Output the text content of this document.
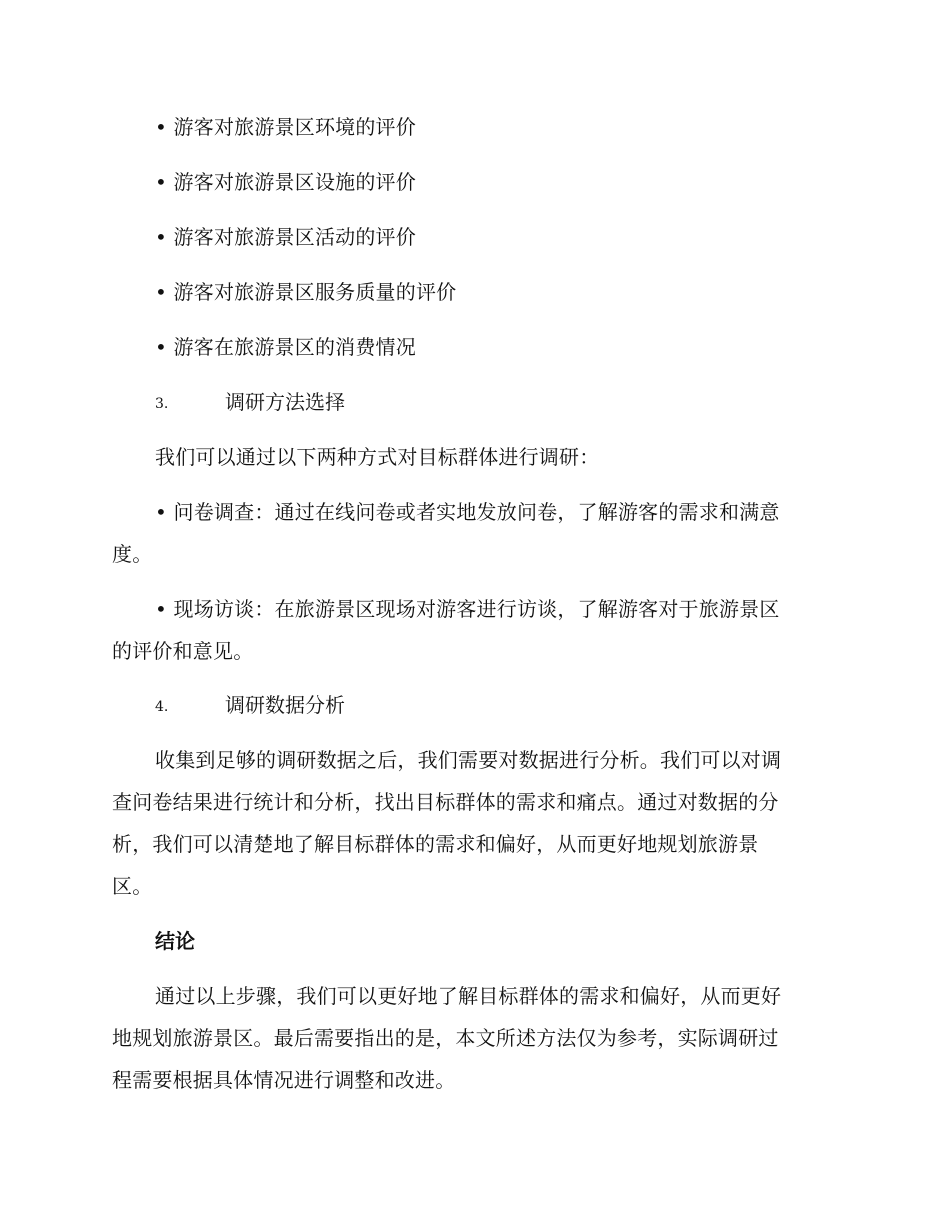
• 游客对旅游景区环境的评价
• 游客对旅游景区设施的评价
• 游客对旅游景区活动的评价
• 游客对旅游景区服务质量的评价
• 游客在旅游景区的消费情况
3.	调研方法选择
我们可以通过以下两种方式对目标群体进行调研：
• 问卷调查：通过在线问卷或者实地发放问卷，了解游客的需求和满意
度。
• 现场访谈：在旅游景区现场对游客进行访谈，了解游客对于旅游景区
的评价和意见。
4.	调研数据分析
收集到足够的调研数据之后，我们需要对数据进行分析。我们可以对调
查问卷结果进行统计和分析，找出目标群体的需求和痛点。通过对数据的分
析，我们可以清楚地了解目标群体的需求和偏好，从而更好地规划旅游景
区。
结论
通过以上步骤，我们可以更好地了解目标群体的需求和偏好，从而更好
地规划旅游景区。最后需要指出的是，本文所述方法仅为参考，实际调研过
程需要根据具体情况进行调整和改进。
